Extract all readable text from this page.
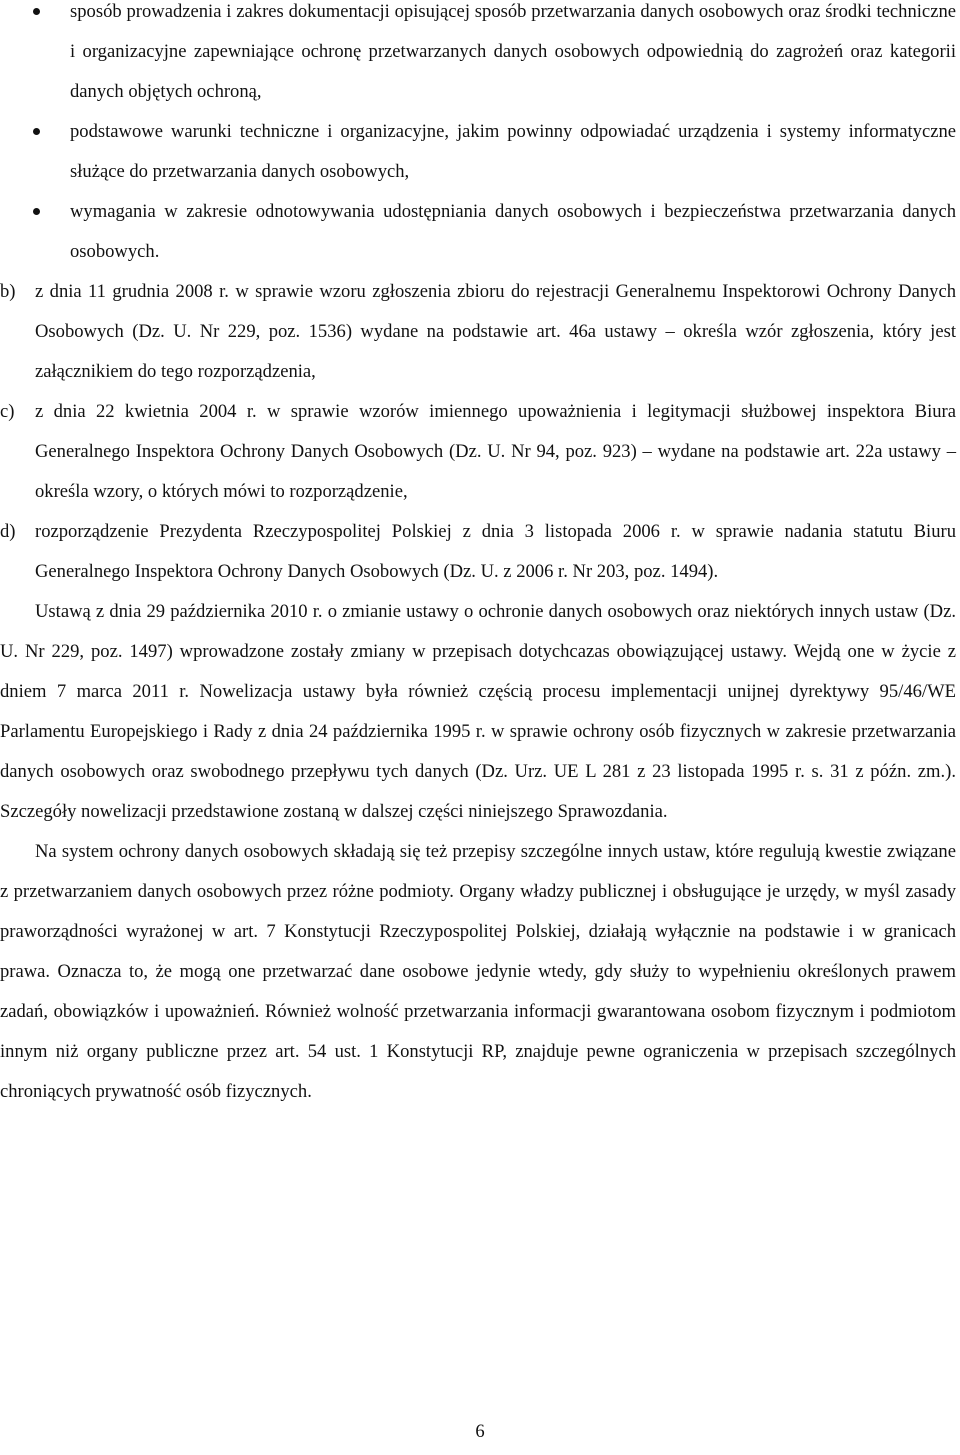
sposób prowadzenia i zakres dokumentacji opisującej sposób przetwarzania danych osobowych oraz środki techniczne i organizacyjne zapewniające ochronę przetwarzanych danych osobowych odpowiednią do zagrożeń oraz kategorii danych objętych ochroną,
podstawowe warunki techniczne i organizacyjne, jakim powinny odpowiadać urządzenia i systemy informatyczne służące do przetwarzania danych osobowych,
wymagania w zakresie odnotowywania udostępniania danych osobowych i bezpieczeństwa przetwarzania danych osobowych.
b) z dnia 11 grudnia 2008 r. w sprawie wzoru zgłoszenia zbioru do rejestracji Generalnemu Inspektorowi Ochrony Danych Osobowych (Dz. U. Nr 229, poz. 1536) wydane na podstawie art. 46a ustawy – określa wzór zgłoszenia, który jest załącznikiem do tego rozporządzenia,
c) z dnia 22 kwietnia 2004 r. w sprawie wzorów imiennego upoważnienia i legitymacji służbowej inspektora Biura Generalnego Inspektora Ochrony Danych Osobowych (Dz. U. Nr 94, poz. 923) – wydane na podstawie art. 22a ustawy – określa wzory, o których mówi to rozporządzenie,
d) rozporządzenie Prezydenta Rzeczypospolitej Polskiej z dnia 3 listopada 2006 r. w sprawie nadania statutu Biuru Generalnego Inspektora Ochrony Danych Osobowych (Dz. U. z 2006 r. Nr 203, poz. 1494).

Ustawą z dnia 29 października 2010 r. o zmianie ustawy o ochronie danych osobowych oraz niektórych innych ustaw (Dz. U. Nr 229, poz. 1497) wprowadzone zostały zmiany w przepisach dotychcazas obowiązującej ustawy. Wejdą one w życie z dniem 7 marca 2011 r. Nowelizacja ustawy była również częścią procesu implementacji unijnej dyrektywy 95/46/WE Parlamentu Europejskiego i Rady z dnia 24 października 1995 r. w sprawie ochrony osób fizycznych w zakresie przetwarzania danych osobowych oraz swobodnego przepływu tych danych (Dz. Urz. UE L 281 z 23 listopada 1995 r. s. 31 z późn. zm.). Szczegóły nowelizacji przedstawione zostaną w dalszej części niniejszego Sprawozdania.

Na system ochrony danych osobowych składają się też przepisy szczególne innych ustaw, które regulują kwestie związane z przetwarzaniem danych osobowych przez różne podmioty. Organy władzy publicznej i obsługujące je urzędy, w myśl zasady praworządności wyrażonej w art. 7 Konstytucji Rzeczypospolitej Polskiej, działają wyłącznie na podstawie i w granicach prawa. Oznacza to, że mogą one przetwarzać dane osobowe jedynie wtedy, gdy służy to wypełnieniu określonych prawem zadań, obowiązków i upoważnień. Również wolność przetwarzania informacji gwarantowana osobom fizycznym i podmiotom innym niż organy publiczne przez art. 54 ust. 1 Konstytucji RP, znajduje pewne ograniczenia w przepisach szczególnych chroniących prywatność osób fizycznych.

6
